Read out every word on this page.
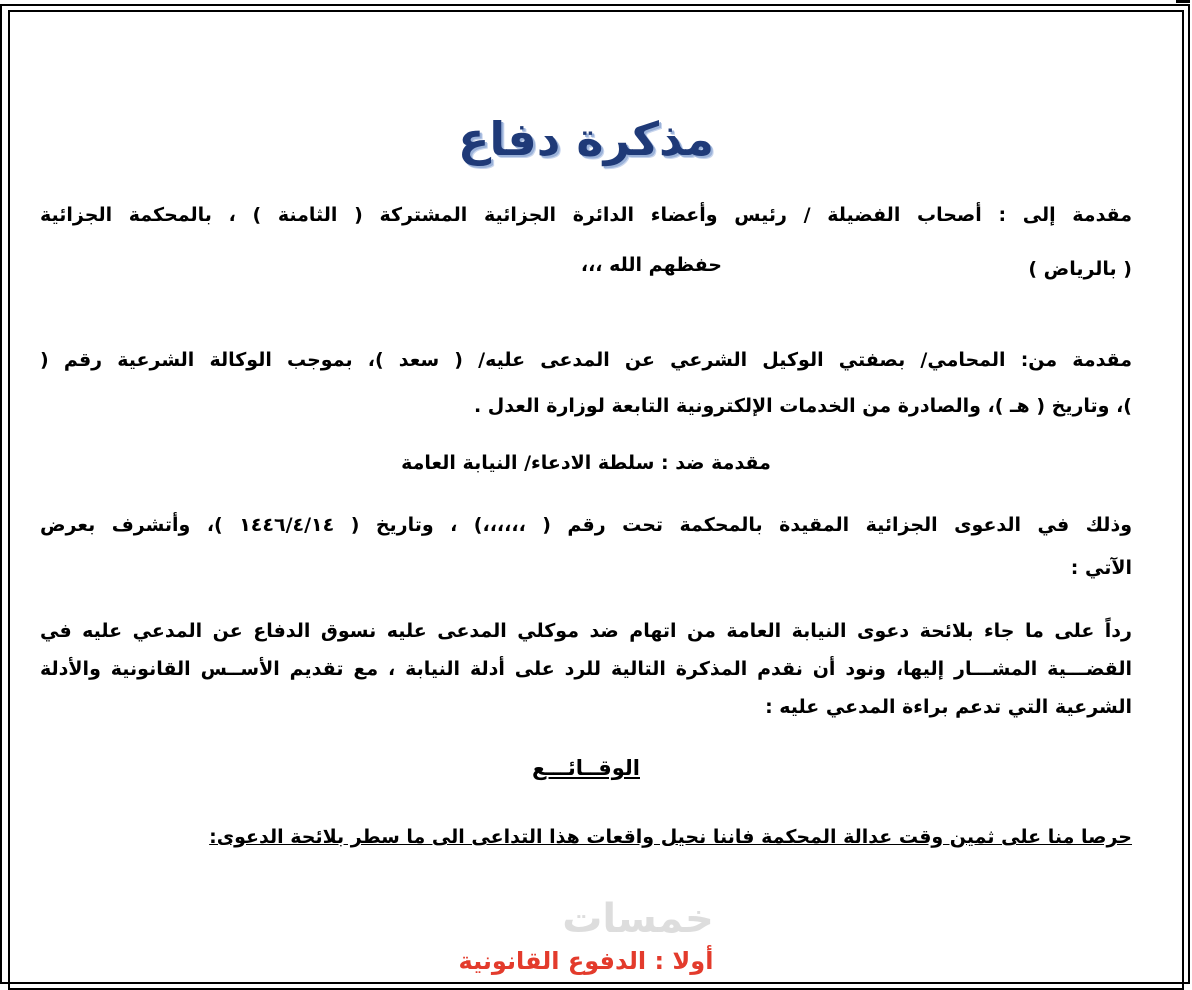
مذكرة دفاع
مقدمة إلى : أصحاب الفضيلة / رئيس وأعضاء الدائرة الجزائية المشتركة ( الثامنة ) ، بالمحكمة الجزائية
( بالرياض )
حفظهم الله ،،،
مقدمة من: المحامي/ بصفتي الوكيل الشرعي عن المدعى عليه/ ( سعد )، بموجب الوكالة الشرعية رقم (
)، وتاريخ ( هـ )، والصادرة من الخدمات الإلكترونية التابعة لوزارة العدل .
مقدمة ضد : سلطة الادعاء/ النيابة العامة
وذلك في الدعوى الجزائية المقيدة بالمحكمة تحت رقم ( ،،،،،،) ، وتاريخ ( ١٤٤٦/٤/١٤ )، وأتشرف بعرض
الآتي :
رداً على ما جاء بلائحة دعوى النيابة العامة من اتهام ضد موكلي المدعى عليه نسوق الدفاع عن المدعي عليه في
القضـــية المشـــار إليها، ونود أن نقدم المذكرة التالية للرد على أدلة النيابة ، مع تقديم الأســس القانونية والأدلة
الشرعية التي تدعم براءة المدعي عليه :
الوقــائـــع
حرصا منا على ثمين وقت عدالة المحكمة فاننا نحيل واقعات هذا التداعى الى ما سطر بلائحة الدعوى:
خمسات
أولا : الدفوع القانونية
